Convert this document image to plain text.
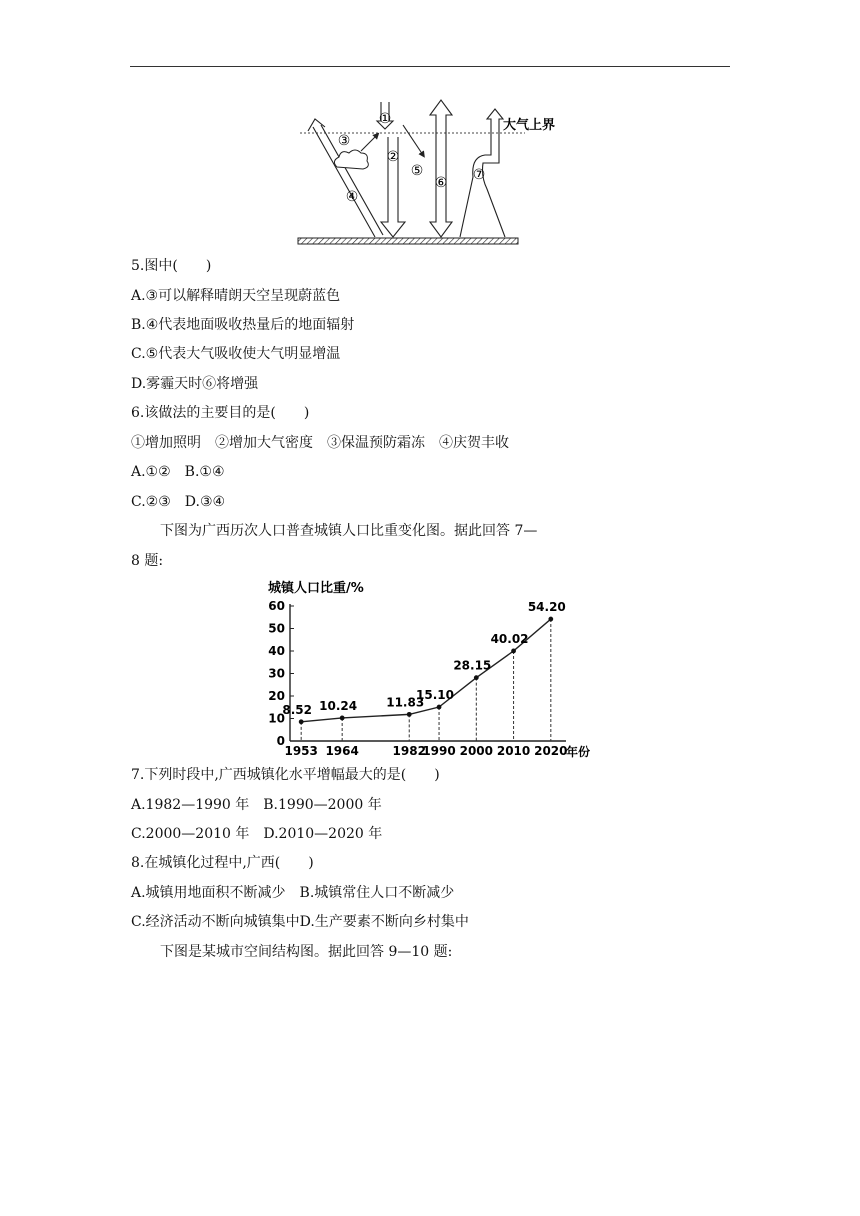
①
②
③
④
⑤
⑥ ⑦
大气上界
5.图中(　　)
A.③可以解释晴朗天空呈现蔚蓝色
B.④代表地面吸收热量后的地面辐射
C.⑤代表大气吸收使大气明显增温
D.雾霾天时⑥将增强
6.该做法的主要目的是(　　)
①增加照明　②增加大气密度　③保温预防霜冻　④庆贺丰收
A.①②　B.①④
C.②③　D.③④
下图为广西历次人口普查城镇人口比重变化图。据此回答 7—
8 题:
城镇人口比重/%
0
10
20
30
40
50
60
1953 1964	1982
1990 2000 2010 2020
8.52 10.24 11.83
15.10
28.15
40.02
54.20
年份
7.下列时段中,广西城镇化水平增幅最大的是(　　)
A.1982—1990 年　B.1990—2000 年
C.2000—2010 年　D.2010—2020 年
8.在城镇化过程中,广西(　　)
A.城镇用地面积不断减少　B.城镇常住人口不断减少
C.经济活动不断向城镇集中D.生产要素不断向乡村集中
下图是某城市空间结构图。据此回答 9—10 题:
